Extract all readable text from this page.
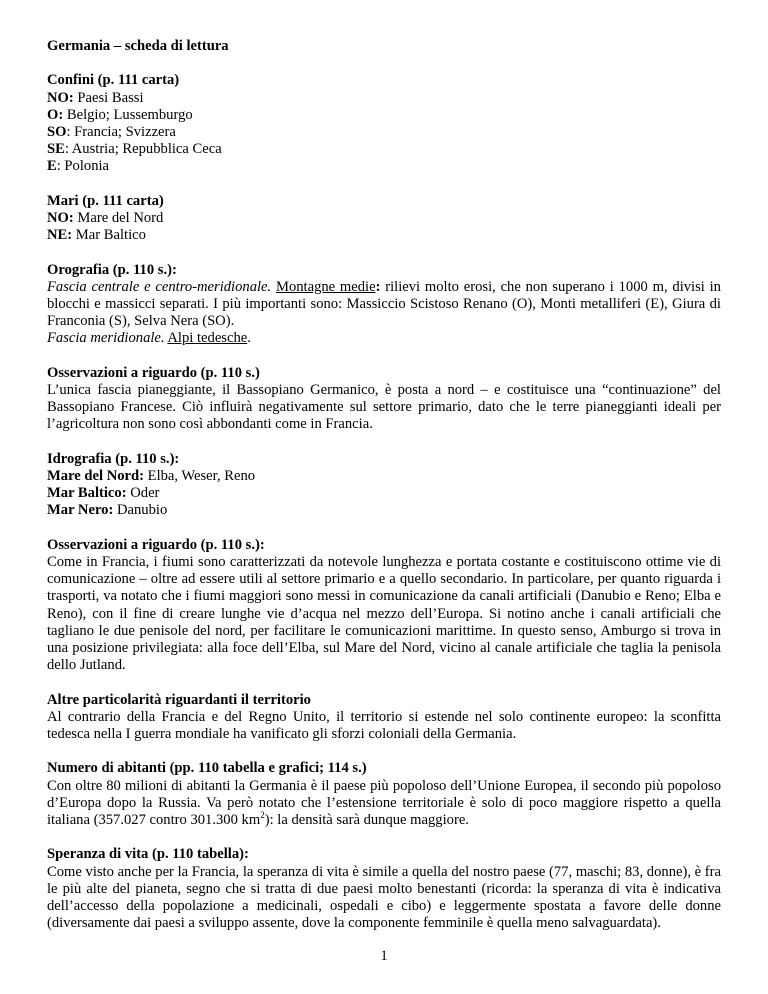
Germania – scheda di lettura
Confini (p. 111 carta)
NO: Paesi Bassi
O: Belgio; Lussemburgo
SO: Francia; Svizzera
SE: Austria; Repubblica Ceca
E: Polonia
Mari (p. 111 carta)
NO: Mare del Nord
NE: Mar Baltico
Orografia (p. 110 s.):
Fascia centrale e centro-meridionale. Montagne medie: rilievi molto erosi, che non superano i 1000 m, divisi in blocchi e massicci separati. I più importanti sono: Massiccio Scistoso Renano (O), Monti metalliferi (E), Giura di Franconia (S), Selva Nera (SO).
Fascia meridionale. Alpi tedesche.
Osservazioni a riguardo (p. 110 s.)
L’unica fascia pianeggiante, il Bassopiano Germanico, è posta a nord – e costituisce una “continuazione” del Bassopiano Francese. Ciò influirà negativamente sul settore primario, dato che le terre pianeggianti ideali per l’agricoltura non sono così abbondanti come in Francia.
Idrografia (p. 110 s.):
Mare del Nord: Elba, Weser, Reno
Mar Baltico: Oder
Mar Nero: Danubio
Osservazioni a riguardo (p. 110 s.):
Come in Francia, i fiumi sono caratterizzati da notevole lunghezza e portata costante e costituiscono ottime vie di comunicazione – oltre ad essere utili al settore primario e a quello secondario. In particolare, per quanto riguarda i trasporti, va notato che i fiumi maggiori sono messi in comunicazione da canali artificiali (Danubio e Reno; Elba e Reno), con il fine di creare lunghe vie d’acqua nel mezzo dell’Europa. Si notino anche i canali artificiali che tagliano le due penisole del nord, per facilitare le comunicazioni marittime. In questo senso, Amburgo si trova in una posizione privilegiata: alla foce dell’Elba, sul Mare del Nord, vicino al canale artificiale che taglia la penisola dello Jutland.
Altre particolarità riguardanti il territorio
Al contrario della Francia e del Regno Unito, il territorio si estende nel solo continente europeo: la sconfitta tedesca nella I guerra mondiale ha vanificato gli sforzi coloniali della Germania.
Numero di abitanti (pp. 110 tabella e grafici; 114 s.)
Con oltre 80 milioni di abitanti la Germania è il paese più popoloso dell’Unione Europea, il secondo più popoloso d’Europa dopo la Russia. Va però notato che l’estensione territoriale è solo di poco maggiore rispetto a quella italiana (357.027 contro 301.300 $km^2$): la densità sarà dunque maggiore.
Speranza di vita (p. 110 tabella):
Come visto anche per la Francia, la speranza di vita è simile a quella del nostro paese (77, maschi; 83, donne), è fra le più alte del pianeta, segno che si tratta di due paesi molto benestanti (ricorda: la speranza di vita è indicativa dell’accesso della popolazione a medicinali, ospedali e cibo) e leggermente spostata a favore delle donne (diversamente dai paesi a sviluppo assente, dove la componente femminile è quella meno salvaguardata).
1
